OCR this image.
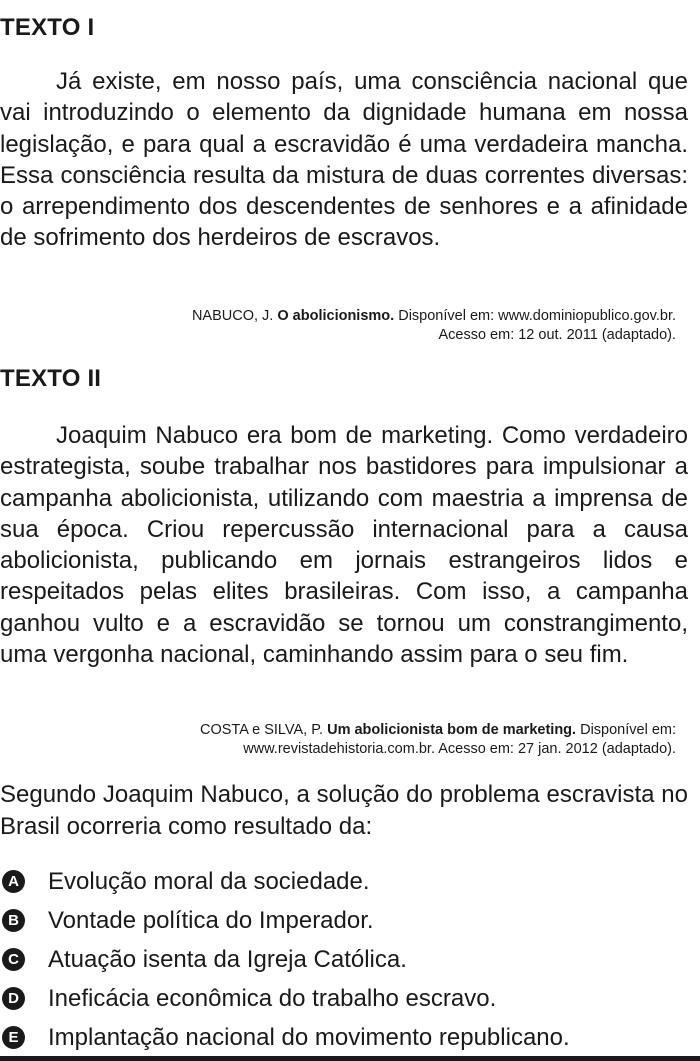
TEXTO I

Já existe, em nosso país, uma consciência nacional que vai introduzindo o elemento da dignidade humana em nossa legislação, e para qual a escravidão é uma verdadeira mancha. Essa consciência resulta da mistura de duas correntes diversas: o arrependimento dos descendentes de senhores e a afinidade de sofrimento dos herdeiros de escravos.

NABUCO, J. O abolicionismo. Disponível em: www.dominiopublico.gov.br.
Acesso em: 12 out. 2011 (adaptado).

TEXTO II

Joaquim Nabuco era bom de marketing. Como verdadeiro estrategista, soube trabalhar nos bastidores para impulsionar a campanha abolicionista, utilizando com maestria a imprensa de sua época. Criou repercussão internacional para a causa abolicionista, publicando em jornais estrangeiros lidos e respeitados pelas elites brasileiras. Com isso, a campanha ganhou vulto e a escravidão se tornou um constrangimento, uma vergonha nacional, caminhando assim para o seu fim.

COSTA e SILVA, P. Um abolicionista bom de marketing. Disponível em:
www.revistadehistoria.com.br. Acesso em: 27 jan. 2012 (adaptado).

Segundo Joaquim Nabuco, a solução do problema escravista no Brasil ocorreria como resultado da:

A Evolução moral da sociedade.
B Vontade política do Imperador.
C Atuação isenta da Igreja Católica.
D Ineficácia econômica do trabalho escravo.
E Implantação nacional do movimento republicano.
